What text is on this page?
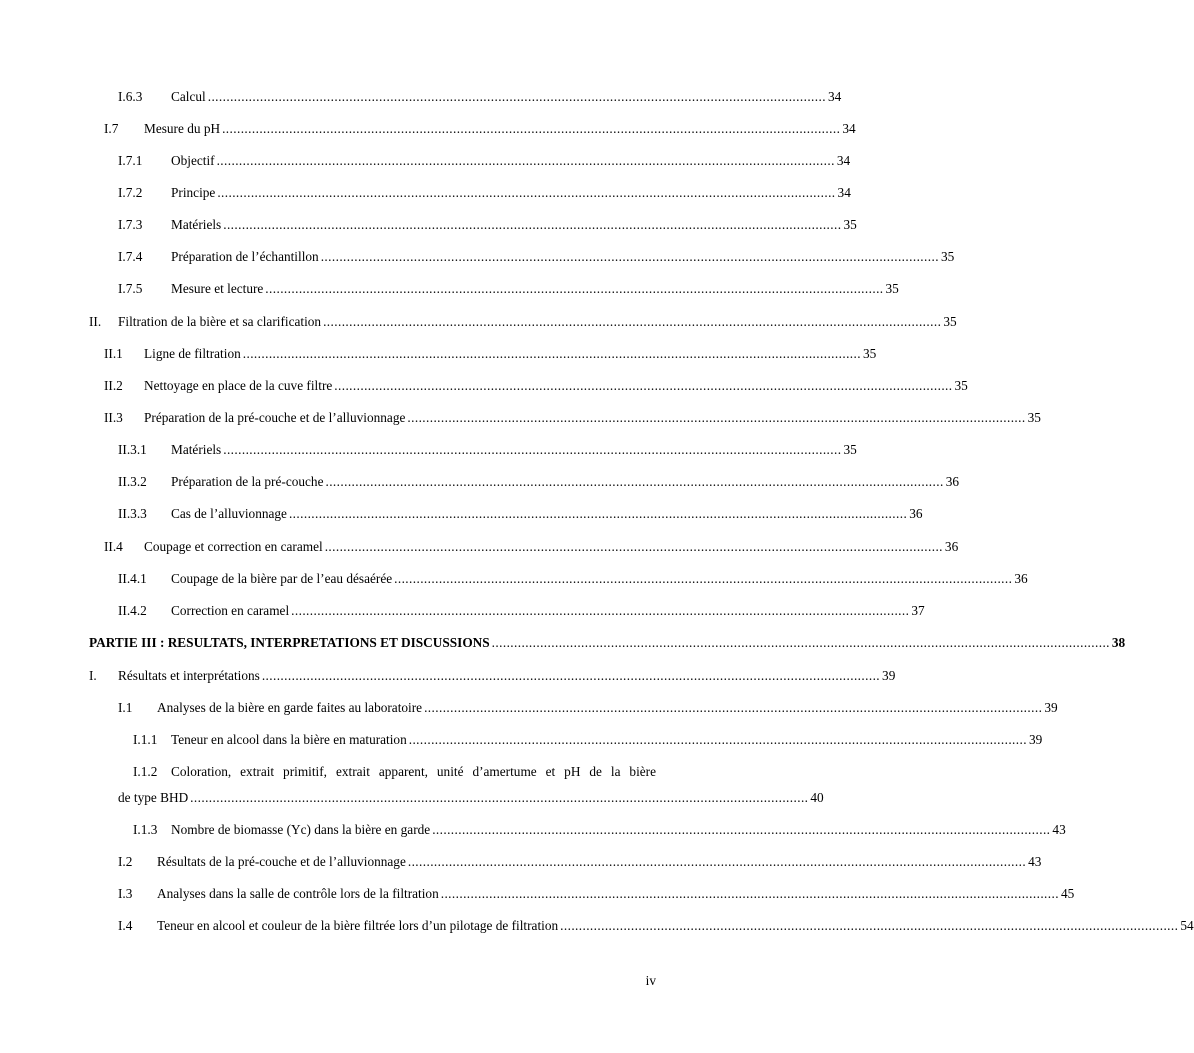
I.6.3 Calcul ...................................................................................................................................................................... 34
I.7 Mesure du pH ...................................................................................................................................................................... 34
I.7.1 Objectif ...................................................................................................................................................................... 34
I.7.2 Principe ...................................................................................................................................................................... 34
I.7.3 Matériels ...................................................................................................................................................................... 35
I.7.4 Préparation de l’échantillon ...................................................................................................................................................................... 35
I.7.5 Mesure et lecture ...................................................................................................................................................................... 35
II. Filtration de la bière et sa clarification ...................................................................................................................................................................... 35
II.1 Ligne de filtration ...................................................................................................................................................................... 35
II.2 Nettoyage en place de la cuve filtre ...................................................................................................................................................................... 35
II.3 Préparation de la pré-couche et de l’alluvionnage ...................................................................................................................................................................... 35
II.3.1 Matériels ...................................................................................................................................................................... 35
II.3.2 Préparation de la pré-couche ...................................................................................................................................................................... 36
II.3.3 Cas de l’alluvionnage ...................................................................................................................................................................... 36
II.4 Coupage et correction en caramel ...................................................................................................................................................................... 36
II.4.1 Coupage de la bière par de l’eau désaérée ...................................................................................................................................................................... 36
II.4.2 Correction en caramel ...................................................................................................................................................................... 37
PARTIE III : RESULTATS, INTERPRETATIONS ET DISCUSSIONS ...................................................................................................................................................................... 38
I. Résultats et interprétations ...................................................................................................................................................................... 39
I.1 Analyses de la bière en garde faites au laboratoire ...................................................................................................................................................................... 39
I.1.1 Teneur en alcool dans la bière en maturation ...................................................................................................................................................................... 39
I.1.2 Coloration, extrait primitif, extrait apparent, unité d’amertume et pH de la bière
de type BHD ...................................................................................................................................................................... 40
I.1.3 Nombre de biomasse (Yc) dans la bière en garde ...................................................................................................................................................................... 43
I.2 Résultats de la pré-couche et de l’alluvionnage ...................................................................................................................................................................... 43
I.3 Analyses dans la salle de contrôle lors de la filtration ...................................................................................................................................................................... 45
I.4 Teneur en alcool et couleur de la bière filtrée lors d’un pilotage de filtration ...................................................................................................................................................................... 54
iv
